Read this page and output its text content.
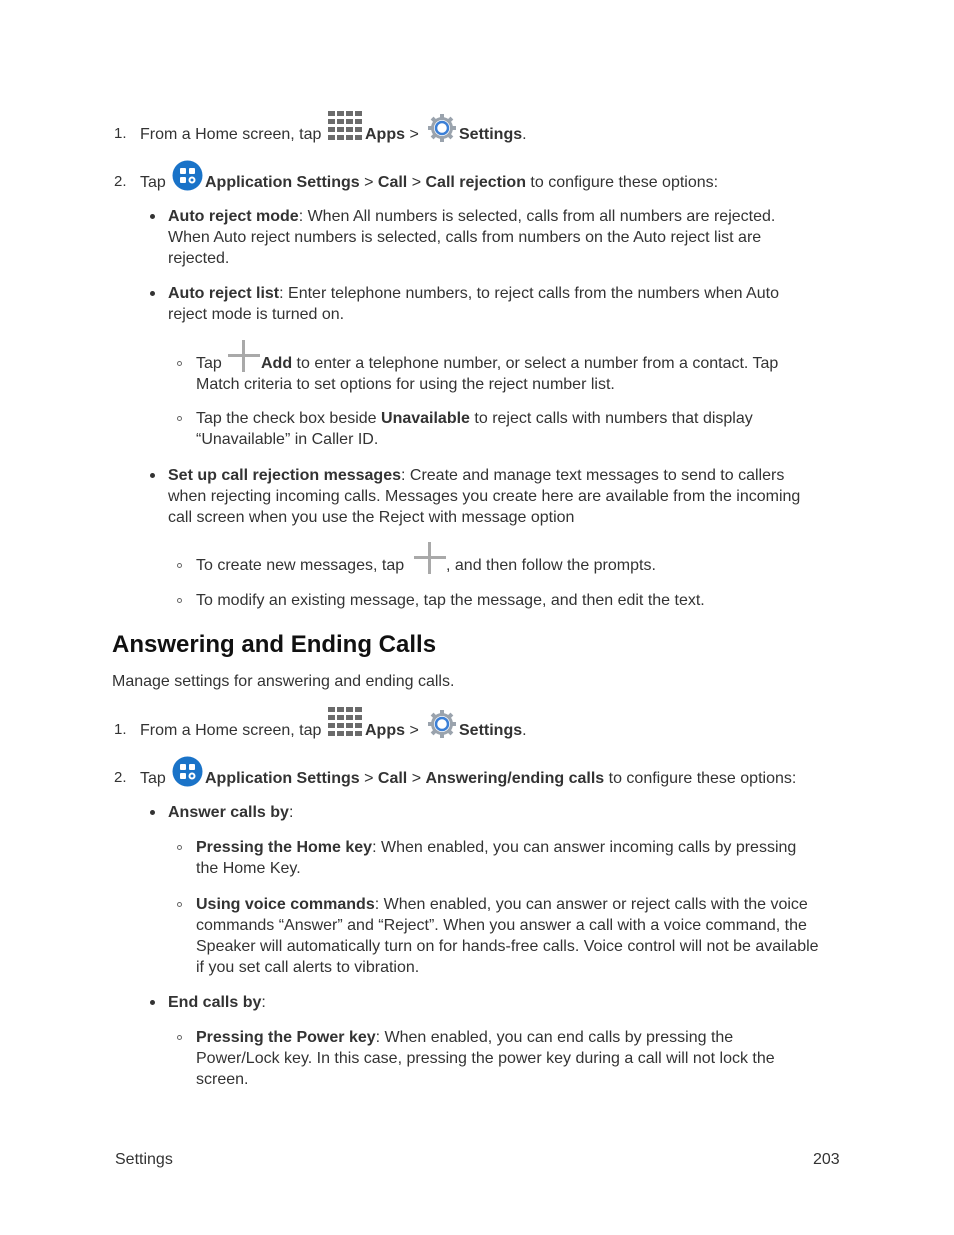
1. From a Home screen, tap	Apps >	Settings.
2. Tap Application Settings > Call > Call rejection to configure these options:
Auto reject mode: When All numbers is selected, calls from all numbers are rejected.
When Auto reject numbers is selected, calls from numbers on the Auto reject list are
rejected.
Auto reject list: Enter telephone numbers, to reject calls from the numbers when Auto
reject mode is turned on.
Tap Add to enter a telephone number, or select a number from a contact. Tap
Match criteria to set options for using the reject number list.
Tap the check box beside Unavailable to reject calls with numbers that display
“Unavailable” in Caller ID.
Set up call rejection messages: Create and manage text messages to send to callers
when rejecting incoming calls. Messages you create here are available from the incoming
call screen when you use the Reject with message option
To create new messages, tap	, and then follow the prompts.
To modify an existing message, tap the message, and then edit the text.
Answering and Ending Calls
Manage settings for answering and ending calls.
1. From a Home screen, tap	Apps >	Settings.
2. Tap Application Settings > Call > Answering/ending calls to configure these options:
Answer calls by:
Pressing the Home key: When enabled, you can answer incoming calls by pressing
the Home Key.
Using voice commands: When enabled, you can answer or reject calls with the voice
commands “Answer” and “Reject”. When you answer a call with a voice command, the
Speaker will automatically turn on for hands-free calls. Voice control will not be available
if you set call alerts to vibration.
End calls by:
Pressing the Power key: When enabled, you can end calls by pressing the
Power/Lock key. In this case, pressing the power key during a call will not lock the
screen.
Settings	203
